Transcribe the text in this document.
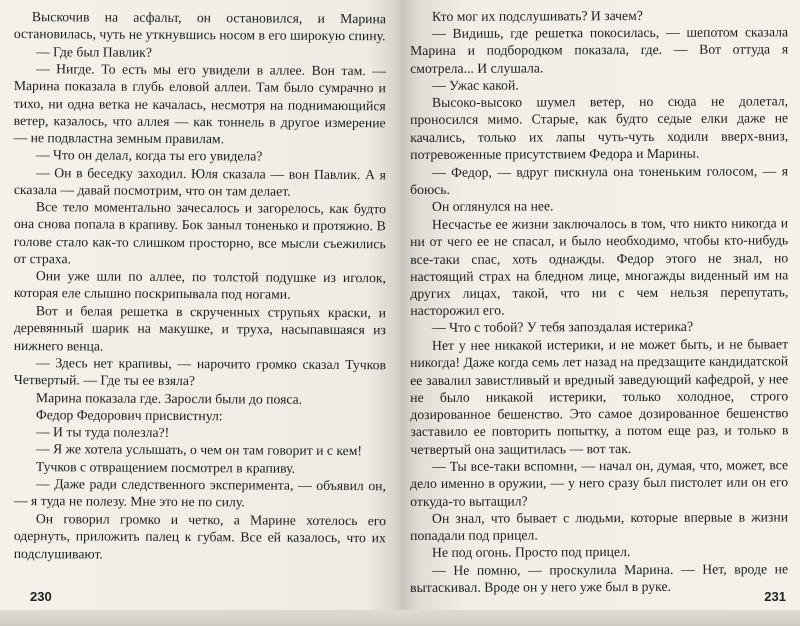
Выскочив на асфальт, он остановился, и Марина остановилась, чуть не уткнувшись носом в его широкую спину.

— Где был Павлик?

— Нигде. То есть мы его увидели в аллее. Вон там. — Марина показала в глубь еловой аллеи. Там было сумрачно и тихо, ни одна ветка не качалась, несмотря на поднимающийся ветер, казалось, что аллея — как тоннель в другое измерение — не подвластна земным правилам.

— Что он делал, когда ты его увидела?

— Он в беседку заходил. Юля сказала — вон Павлик. А я сказала — давай посмотрим, что он там делает.

Все тело моментально зачесалось и загорелось, как будто она снова попала в крапиву. Бок заныл тоненько и протяжно. В голове стало как-то слишком просторно, все мысли съежились от страха.

Они уже шли по аллее, по толстой подушке из иголок, которая еле слышно поскрипывала под ногами.

Вот и белая решетка в скрученных струпьях краски, и деревянный шарик на макушке, и труха, насыпавшаяся из нижнего венца.

— Здесь нет крапивы, — нарочито громко сказал Тучков Четвертый. — Где ты ее взяла?

Марина показала где. Заросли были до пояса.

Федор Федорович присвистнул:

— И ты туда полезла?!

— Я же хотела услышать, о чем он там говорит и с кем!

Тучков с отвращением посмотрел в крапиву.

— Даже ради следственного эксперимента, — объявил он, — я туда не полезу. Мне это не по силу.

Он говорил громко и четко, а Марине хотелось его одернуть, приложить палец к губам. Все ей казалось, что их подслушивают.

230

Кто мог их подслушивать? И зачем?

— Видишь, где решетка покосилась, — шепотом сказала Марина и подбородком показала, где. — Вот оттуда я смотрела... И слушала.

— Ужас какой.

Высоко-высоко шумел ветер, но сюда не долетал, проносился мимо. Старые, как будто седые елки даже не качались, только их лапы чуть-чуть ходили вверх-вниз, потревоженные присутствием Федора и Марины.

— Федор, — вдруг пискнула она тоненьким голосом, — я боюсь.

Он оглянулся на нее.

Несчастье ее жизни заключалось в том, что никто никогда и ни от чего ее не спасал, и было необходимо, чтобы кто-нибудь все-таки спас, хоть однажды. Федор этого не знал, но настоящий страх на бледном лице, многажды виденный им на других лицах, такой, что ни с чем нельзя перепутать, насторожил его.

— Что с тобой? У тебя запоздалая истерика?

Нет у нее никакой истерики, и не может быть, и не бывает никогда! Даже когда семь лет назад на предзащите кандидатской ее завалил завистливый и вредный заведующий кафедрой, у нее не было никакой истерики, только холодное, строго дозированное бешенство. Это самое дозированное бешенство заставило ее повторить попытку, а потом еще раз, и только в четвертый она защитилась — вот так.

— Ты все-таки вспомни, — начал он, думая, что, может, все дело именно в оружии, — у него сразу был пистолет или он его откуда-то вытащил?

Он знал, что бывает с людьми, которые впервые в жизни попадали под прицел.

Не под огонь. Просто под прицел.

— Не помню, — проскулила Марина. — Нет, вроде не вытаскивал. Вроде он у него уже был в руке.

231
